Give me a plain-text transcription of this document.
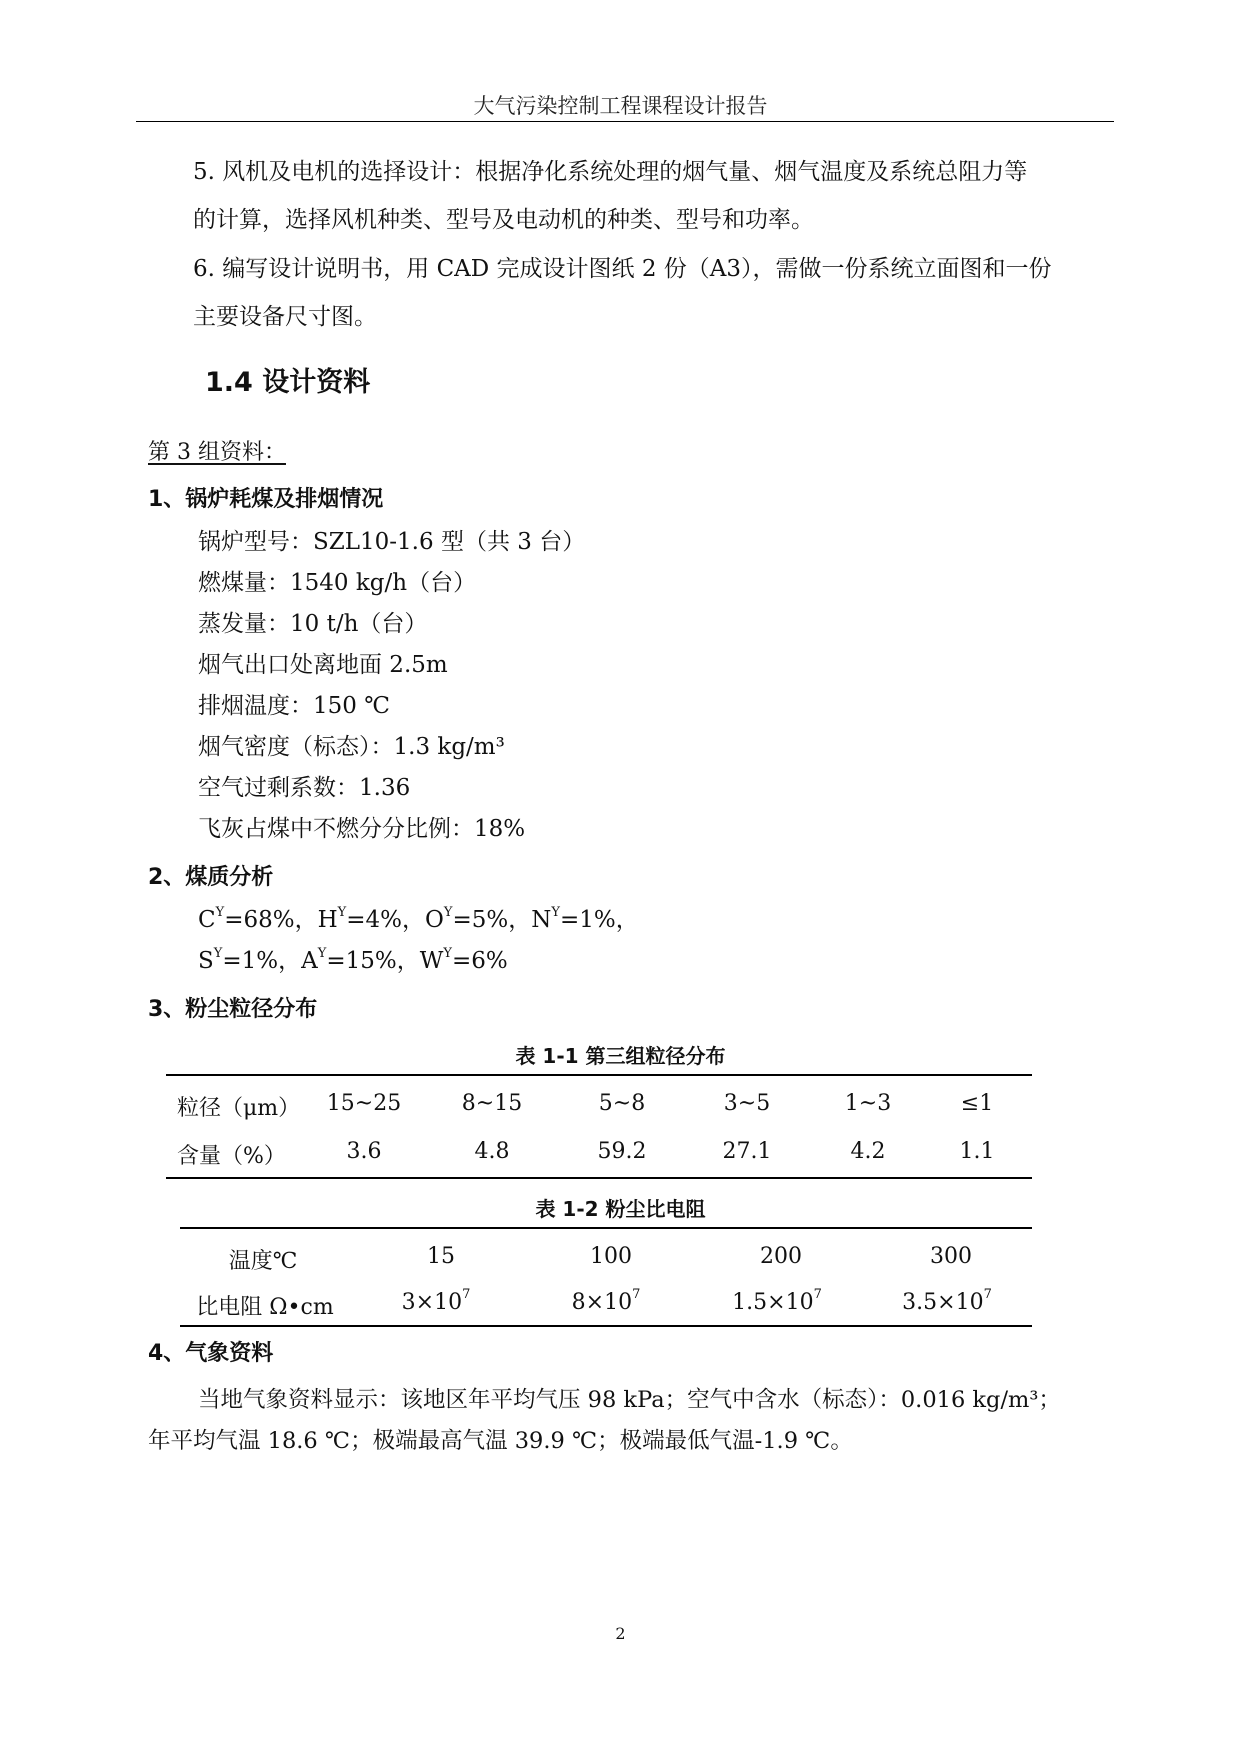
大气污染控制工程课程设计报告
5. 风机及电机的选择设计：根据净化系统处理的烟气量、烟气温度及系统总阻力等
的计算，选择风机种类、型号及电动机的种类、型号和功率。
6. 编写设计说明书，用 CAD 完成设计图纸 2 份（A3），需做一份系统立面图和一份
主要设备尺寸图。
1.4 设计资料
第 3 组资料：
1、锅炉耗煤及排烟情况
锅炉型号：SZL10-1.6 型（共 3 台）
燃煤量：1540 kg/h（台）
蒸发量：10 t/h（台）
烟气出口处离地面 2.5m
排烟温度：150 ℃
烟气密度（标态）：1.3 kg/m³
空气过剩系数：1.36
飞灰占煤中不燃分分比例：18%
2、煤质分析
$C^Y=68\%$，$H^Y=4\%$，$O^Y=5\%$，$N^Y=1\%$，
$S^Y=1\%$，$A^Y=15\%$，$W^Y=6\%$
3、粉尘粒径分布
表 1-1 第三组粒径分布
粒径（μm） 15~25	8~15	5~8	3~5	1~3	≤1
含量（%）	3.6	4.8	59.2	27.1	4.2	1.1
表 1-2 粉尘比电阻
温度℃	15	100	200	300
比电阻 Ω•cm	$3\times 10^7$	$8\times 10^7$	$1.5\times 10^7$	$3.5\times 10^7$
4、气象资料
当地气象资料显示：该地区年平均气压 98 kPa；空气中含水（标态）：0.016 kg/m³；
年平均气温 18.6 ℃；极端最高气温 39.9 ℃；极端最低气温-1.9 ℃。
2
